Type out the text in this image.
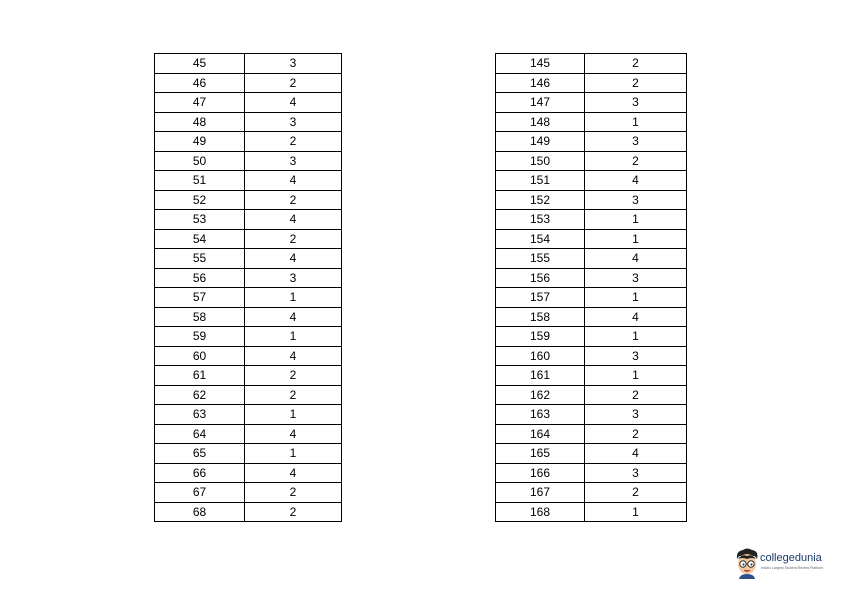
45	3
46	2
47	4
48	3
49	2
50	3
51	4
52	2
53	4
54	2
55	4
56	3
57	1
58	4
59	1
60	4
61	2
62	2
63	1
64	4
65	1
66	4
67	2
68	2
145	2
146	2
147	3
148	1
149	3
150	2
151	4
152	3
153	1
154	1
155	4
156	3
157	1
158	4
159	1
160	3
161	1
162	2
163	3
164	2
165	4
166	3
167	2
168	1
collegedunia
India's Largest Student Review Platform
